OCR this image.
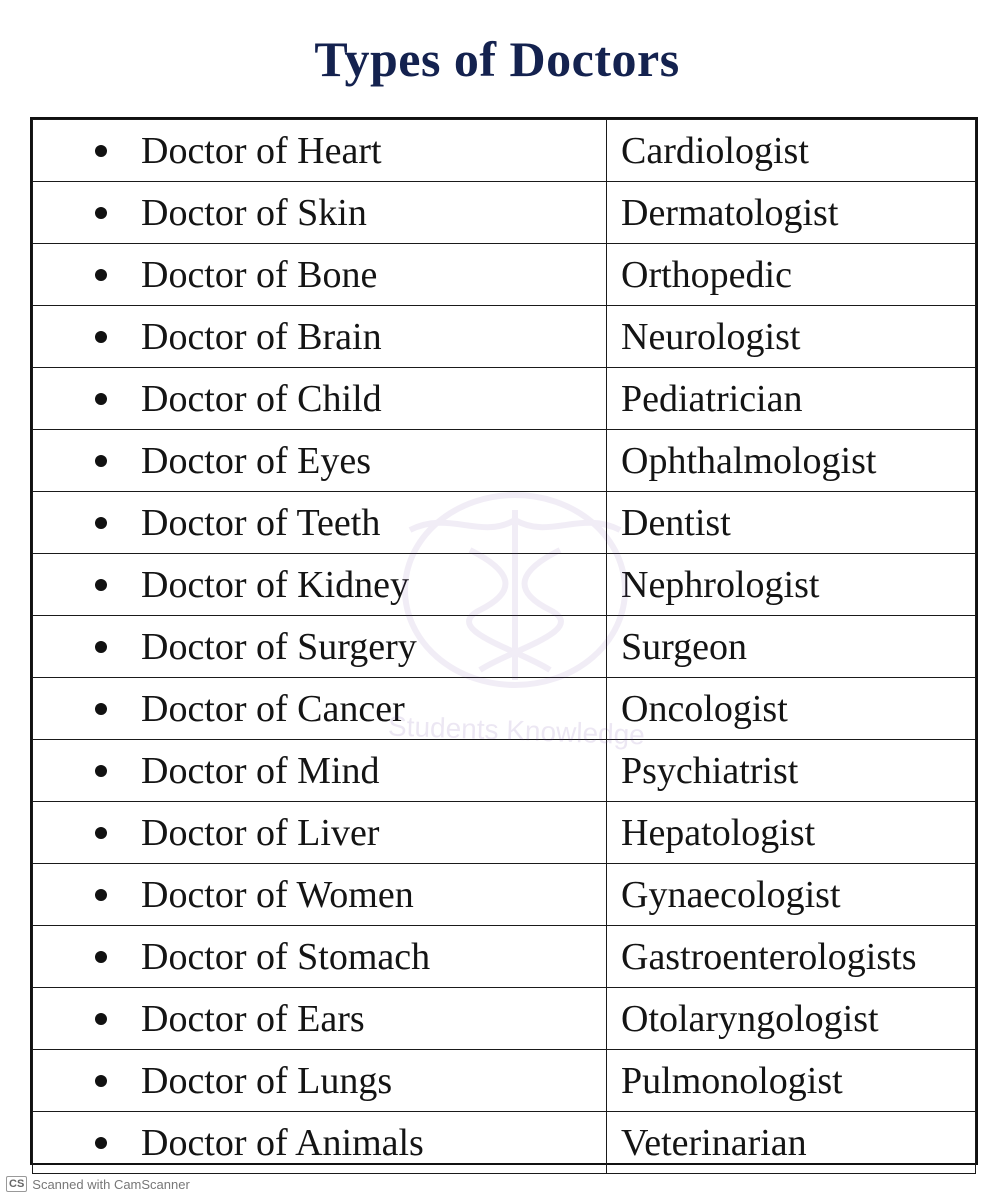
Types of Doctors
Doctor of Heart	Cardiologist
Doctor of Skin	Dermatologist
Doctor of Bone	Orthopedic
Doctor of Brain	Neurologist
Doctor of Child	Pediatrician
Doctor of Eyes	Ophthalmologist
Doctor of Teeth	Dentist
Doctor of Kidney	Nephrologist
Doctor of Surgery	Surgeon
Doctor of Cancer	Oncologist
Doctor of Mind	Psychiatrist
Doctor of Liver	Hepatologist
Doctor of Women	Gynaecologist
Doctor of Stomach	Gastroenterologists
Doctor of Ears	Otolaryngologist
Doctor of Lungs	Pulmonologist
Doctor of Animals	Veterinarian
Students Knowledge
CS Scanned with CamScanner
